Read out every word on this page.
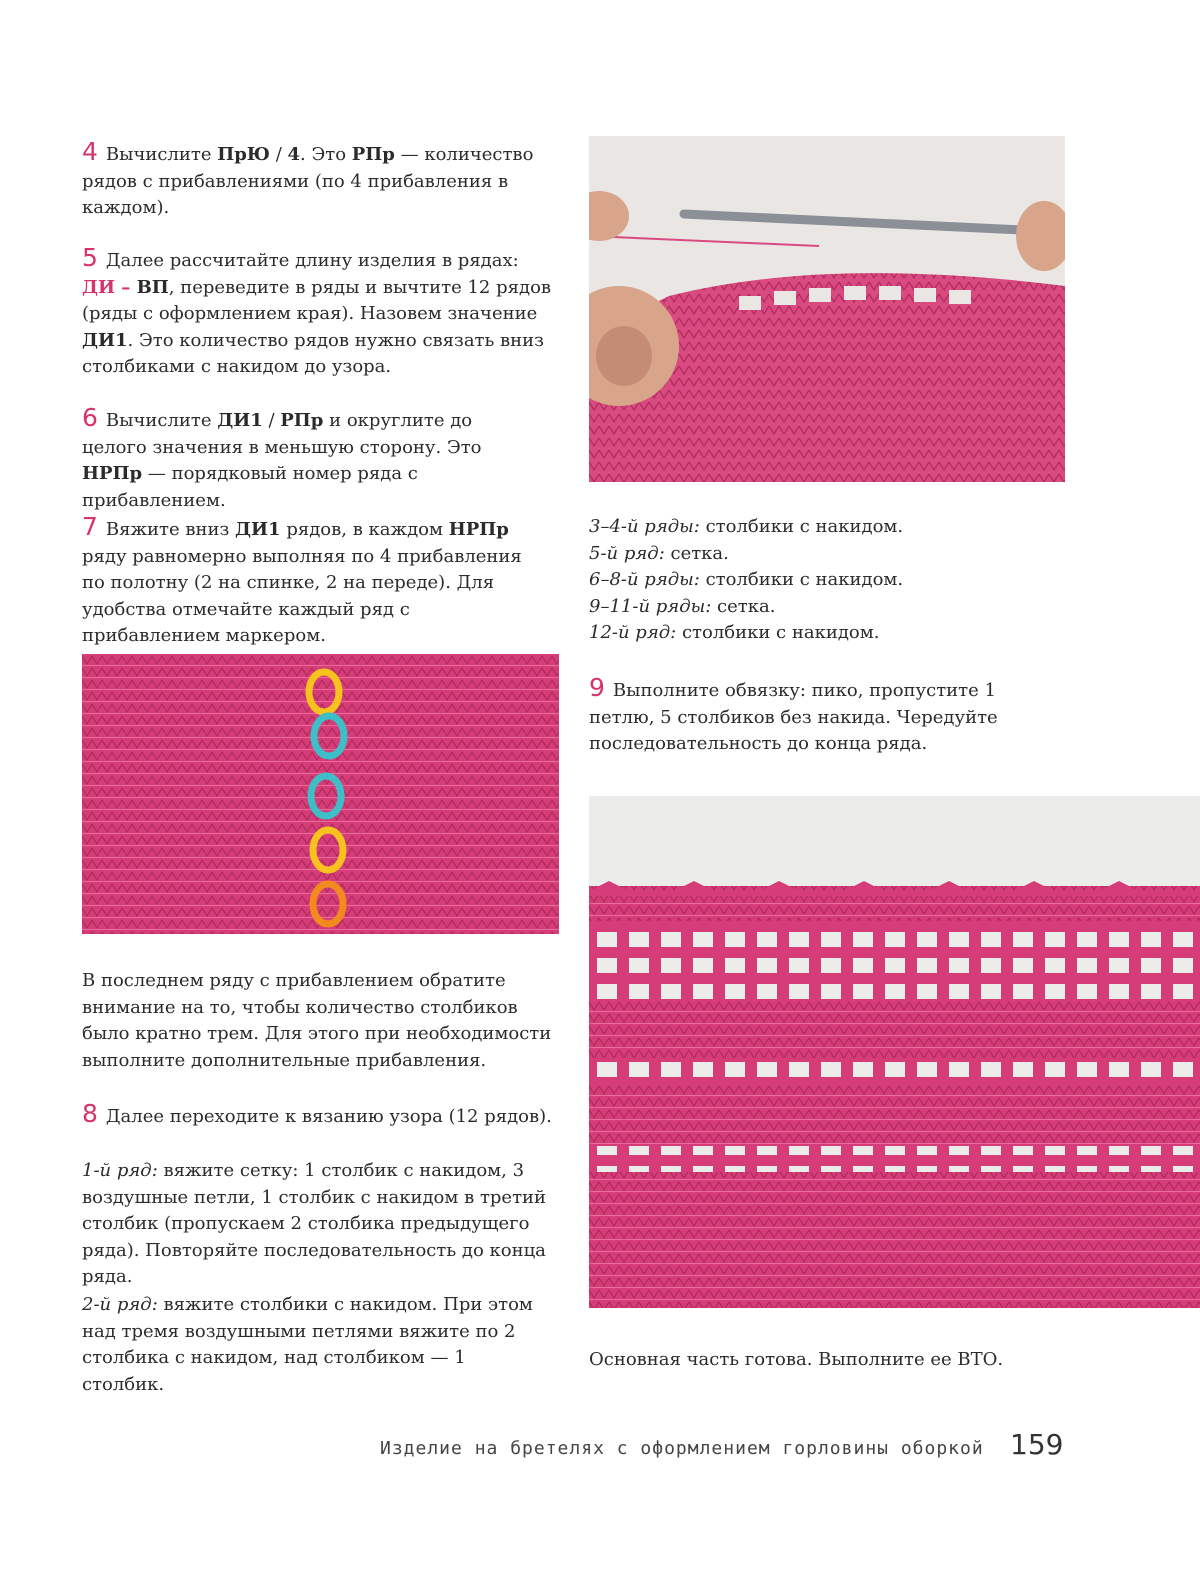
4 Вычислите ПрЮ / 4. Это РПр — количество рядов с прибавлениями (по 4 прибавления в каждом).

5 Далее рассчитайте длину изделия в рядах:
ДИ – ВП, переведите в ряды и вычтите 12 рядов (ряды с оформлением края). Назовем значение ДИ1. Это количество рядов нужно связать вниз столбиками с накидом до узора.

6 Вычислите ДИ1 / РПр и округлите до целого значения в меньшую сторону. Это НРПр — порядковый номер ряда с прибавлением.

7 Вяжите вниз ДИ1 рядов, в каждом НРПр ряду равномерно выполняя по 4 прибавления по полотну (2 на спинке, 2 на переде). Для удобства отмечайте каждый ряд с прибавлением маркером.

В последнем ряду с прибавлением обратите внимание на то, чтобы количество столбиков было кратно трем. Для этого при необходимости выполните дополнительные прибавления.

8 Далее переходите к вязанию узора (12 рядов).

1-й ряд: вяжите сетку: 1 столбик с накидом, 3 воздушные петли, 1 столбик с накидом в третий столбик (пропускаем 2 столбика предыдущего ряда). Повторяйте последовательность до конца ряда.

2-й ряд: вяжите столбики с накидом. При этом над тремя воздушными петлями вяжите по 2 столбика с накидом, над столбиком — 1 столбик.

3–4-й ряды: столбики с накидом.

5-й ряд: сетка.

6–8-й ряды: столбики с накидом.

9–11-й ряды: сетка.

12-й ряд: столбики с накидом.

9 Выполните обвязку: пико, пропустите 1 петлю, 5 столбиков без накида. Чередуйте последовательность до конца ряда.

Основная часть готова. Выполните ее ВТО.

Изделие на бретелях с оформлением горловины оборкой 159
